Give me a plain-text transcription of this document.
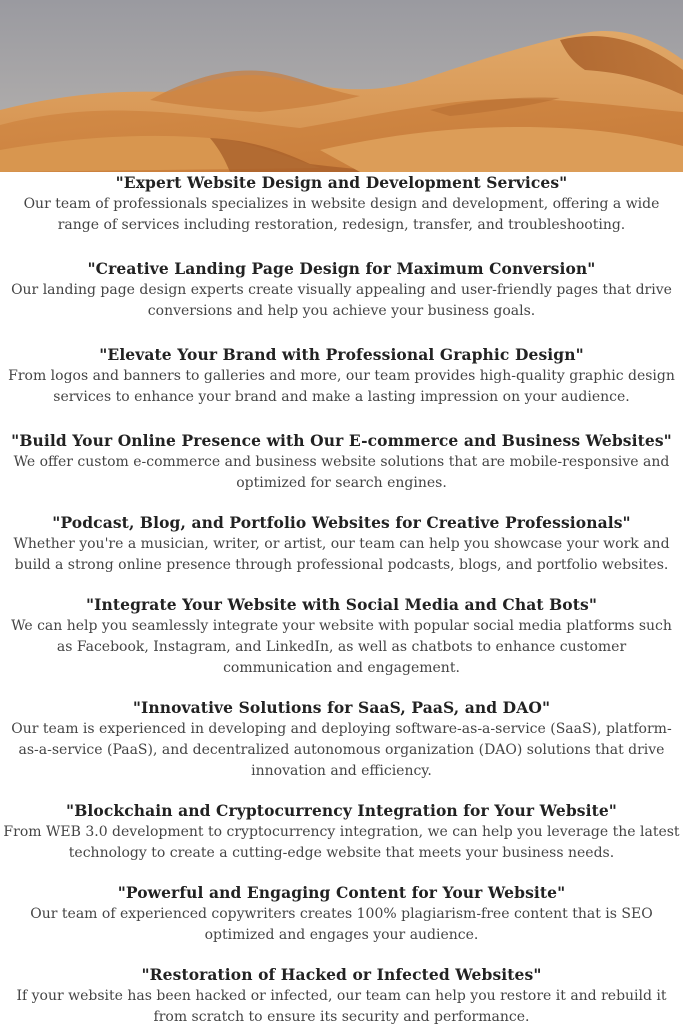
"Expert Website Design and Development Services"

Our team of professionals specializes in website design and development, offering a wide range of services including restoration, redesign, transfer, and troubleshooting.

"Creative Landing Page Design for Maximum Conversion"

Our landing page design experts create visually appealing and user-friendly pages that drive conversions and help you achieve your business goals.

"Elevate Your Brand with Professional Graphic Design"

From logos and banners to galleries and more, our team provides high-quality graphic design services to enhance your brand and make a lasting impression on your audience.

"Build Your Online Presence with Our E-commerce and Business Websites"

We offer custom e-commerce and business website solutions that are mobile-responsive and optimized for search engines.

"Podcast, Blog, and Portfolio Websites for Creative Professionals"

Whether you're a musician, writer, or artist, our team can help you showcase your work and build a strong online presence through professional podcasts, blogs, and portfolio websites.

"Integrate Your Website with Social Media and Chat Bots"

We can help you seamlessly integrate your website with popular social media platforms such as Facebook, Instagram, and LinkedIn, as well as chatbots to enhance customer communication and engagement.

"Innovative Solutions for SaaS, PaaS, and DAO"

Our team is experienced in developing and deploying software-as-a-service (SaaS), platform-as-a-service (PaaS), and decentralized autonomous organization (DAO) solutions that drive innovation and efficiency.

"Blockchain and Cryptocurrency Integration for Your Website"

From WEB 3.0 development to cryptocurrency integration, we can help you leverage the latest technology to create a cutting-edge website that meets your business needs.

"Powerful and Engaging Content for Your Website"

Our team of experienced copywriters creates 100% plagiarism-free content that is SEO optimized and engages your audience.

"Restoration of Hacked or Infected Websites"

If your website has been hacked or infected, our team can help you restore it and rebuild it from scratch to ensure its security and performance.
